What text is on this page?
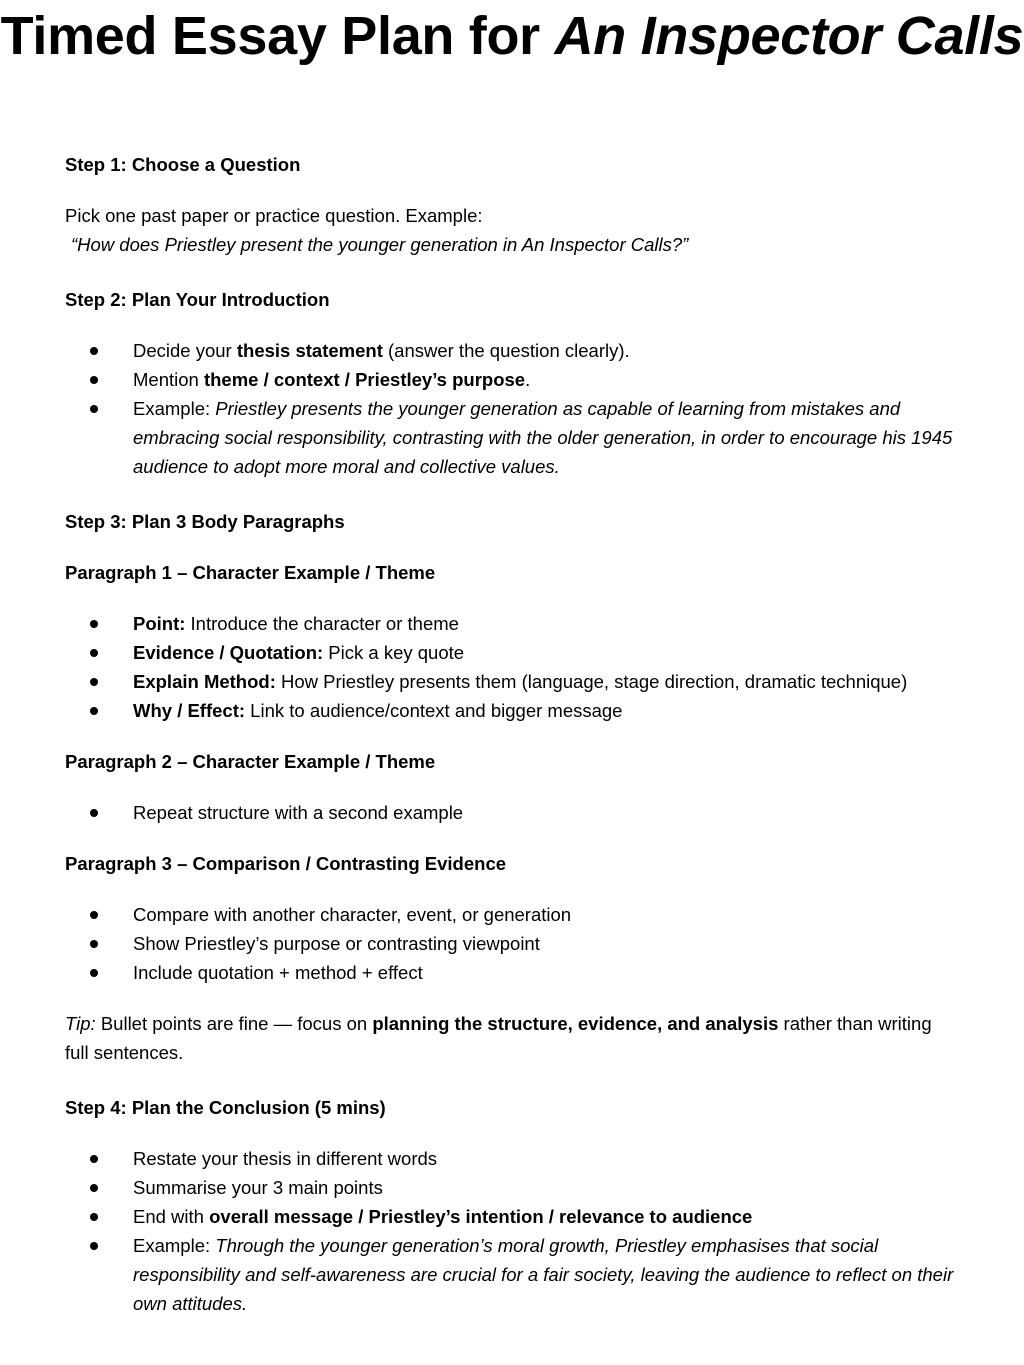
Timed Essay Plan for An Inspector Calls

Step 1: Choose a Question

Pick one past paper or practice question. Example:

“How does Priestley present the younger generation in An Inspector Calls?”

Step 2: Plan Your Introduction

Decide your thesis statement (answer the question clearly).
Mention theme / context / Priestley’s purpose.
Example: Priestley presents the younger generation as capable of learning from mistakes and embracing social responsibility, contrasting with the older generation, in order to encourage his 1945 audience to adopt more moral and collective values.

Step 3: Plan 3 Body Paragraphs

Paragraph 1 – Character Example / Theme

Point: Introduce the character or theme
Evidence / Quotation: Pick a key quote
Explain Method: How Priestley presents them (language, stage direction, dramatic technique)
Why / Effect: Link to audience/context and bigger message

Paragraph 2 – Character Example / Theme

Repeat structure with a second example

Paragraph 3 – Comparison / Contrasting Evidence

Compare with another character, event, or generation
Show Priestley’s purpose or contrasting viewpoint
Include quotation + method + effect

Tip: Bullet points are fine — focus on planning the structure, evidence, and analysis rather than writing full sentences.

Step 4: Plan the Conclusion (5 mins)

Restate your thesis in different words
Summarise your 3 main points
End with overall message / Priestley’s intention / relevance to audience
Example: Through the younger generation’s moral growth, Priestley emphasises that social responsibility and self-awareness are crucial for a fair society, leaving the audience to reflect on their own attitudes.
